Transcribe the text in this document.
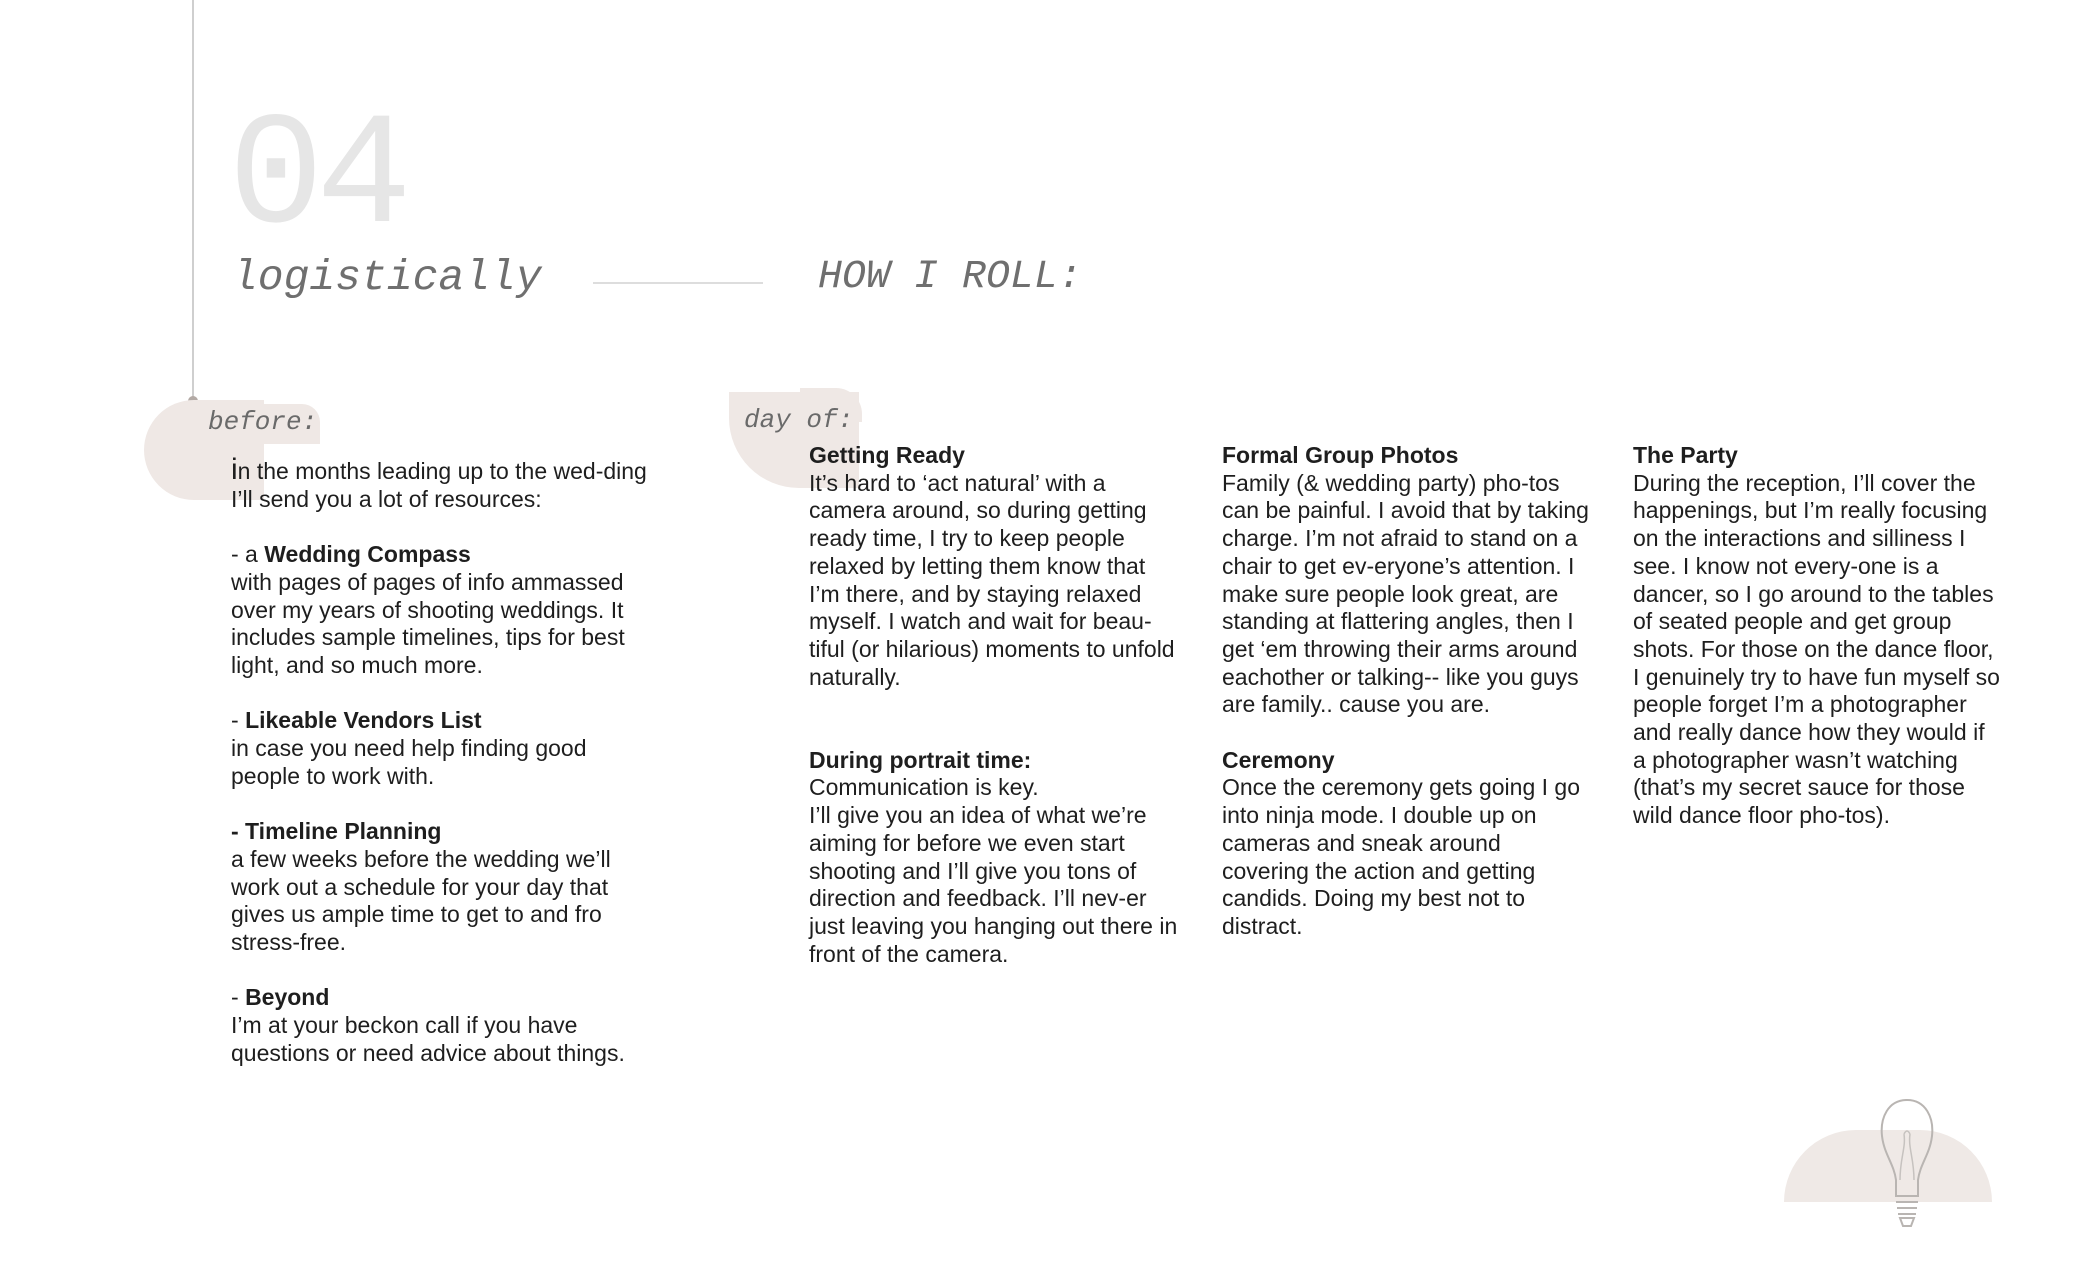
04
logistically	HOW I ROLL:
before:	day of:

in the months leading up to the wed-ding I’ll send you a lot of resources:

- a Wedding Compass

with pages of pages of info ammassed over my years of shooting weddings. It includes sample timelines, tips for best light, and so much more.

- Likeable Vendors List

in case you need help finding good people to work with.

- Timeline Planning

a few weeks before the wedding we’ll work out a schedule for your day that gives us ample time to get to and fro stress-free.

- Beyond

I’m at your beckon call if you have questions or need advice about things.

Getting Ready

It’s hard to ‘act natural’ with a camera around, so during getting ready time, I try to keep people relaxed by letting them know that I’m there, and by staying relaxed myself. I watch and wait for beau-tiful (or hilarious) moments to unfold naturally.

During portrait time:

Communication is key.

I’ll give you an idea of what we’re aiming for before we even start shooting and I’ll give you tons of direction and feedback. I’ll nev-er just leaving you hanging out there in front of the camera.

Formal Group Photos

Family (& wedding party) pho-tos can be painful. I avoid that by taking charge. I’m not afraid to stand on a chair to get ev-eryone’s attention. I make sure people look great, are standing at flattering angles, then I get ‘em throwing their arms around eachother or talking-- like you guys are family.. cause you are.

Ceremony

Once the ceremony gets going I go into ninja mode. I double up on cameras and sneak around covering the action and getting candids. Doing my best not to distract.

The Party

During the reception, I’ll cover the happenings, but I’m really focusing on the interactions and silliness I see. I know not every-one is a dancer, so I go around to the tables of seated people and get group shots. For those on the dance floor, I genuinely try to have fun myself so people forget I’m a photographer and really dance how they would if a photographer wasn’t watching (that’s my secret sauce for those wild dance floor pho-tos).
